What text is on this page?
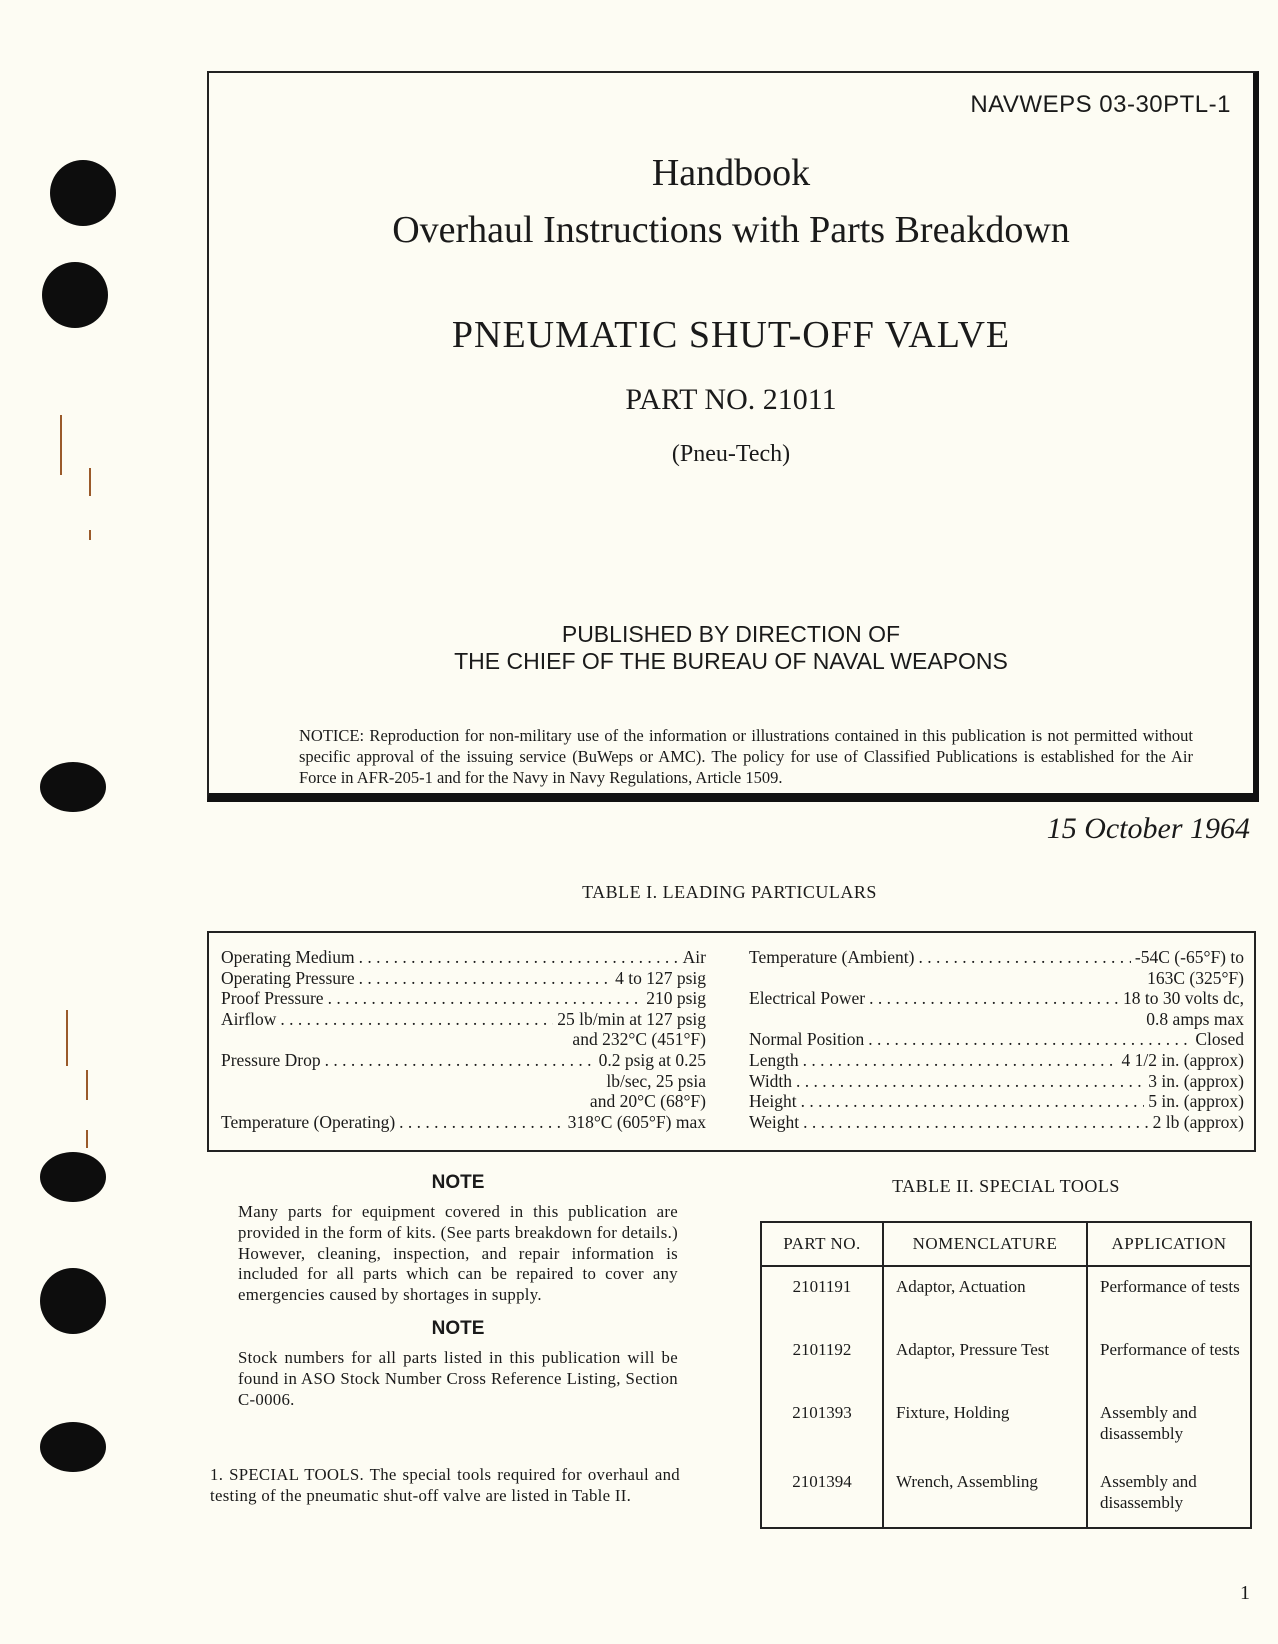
NAVWEPS 03-30PTL-1
Handbook
Overhaul Instructions with Parts Breakdown
PNEUMATIC SHUT-OFF VALVE
PART NO. 21011
(Pneu-Tech)
PUBLISHED BY DIRECTION OF
THE CHIEF OF THE BUREAU OF NAVAL WEAPONS
NOTICE: Reproduction for non-military use of the information or illustrations contained in this publication is not permitted without specific approval of the issuing service (BuWeps or AMC). The policy for use of Classified Publications is established for the Air Force in AFR-205-1 and for the Navy in Navy Regulations, Article 1509.
15 October 1964
TABLE I. LEADING PARTICULARS
Operating Medium . . .	Air
Operating Pressure . . .	4 to 127 psig
Proof Pressure . . .	210 psig
Airflow . . .	25 lb/min at 127 psig
and 232°C (451°F)
Pressure Drop . . .	0.2 psig at 0.25
lb/sec, 25 psia
and 20°C (68°F)
Temperature (Operating) . . .	318°C (605°F) max
Temperature (Ambient) . . .	-54C (-65°F) to
163C (325°F)
Electrical Power . . .	18 to 30 volts dc,
0.8 amps max
Normal Position . . .	Closed
Length . . .	4 1/2 in. (approx)
Width . . .	3 in. (approx)
Height . . .	5 in. (approx)
Weight . . .	2 lb (approx)
NOTE
Many parts for equipment covered in this publication are provided in the form of kits. (See parts breakdown for details.) However, cleaning, inspection, and repair information is included for all parts which can be repaired to cover any emergencies caused by shortages in supply.
NOTE
Stock numbers for all parts listed in this publication will be found in ASO Stock Number Cross Reference Listing, Section C-0006.
1. SPECIAL TOOLS. The special tools required for overhaul and testing of the pneumatic shut-off valve are listed in Table II.
TABLE II. SPECIAL TOOLS
PART NO.	NOMENCLATURE	APPLICATION
2101191	Adaptor, Actuation	Performance of tests
2101192	Adaptor, Pressure Test	Performance of tests
2101393	Fixture, Holding	Assembly and disassembly
2101394	Wrench, Assembling	Assembly and disassembly
1
